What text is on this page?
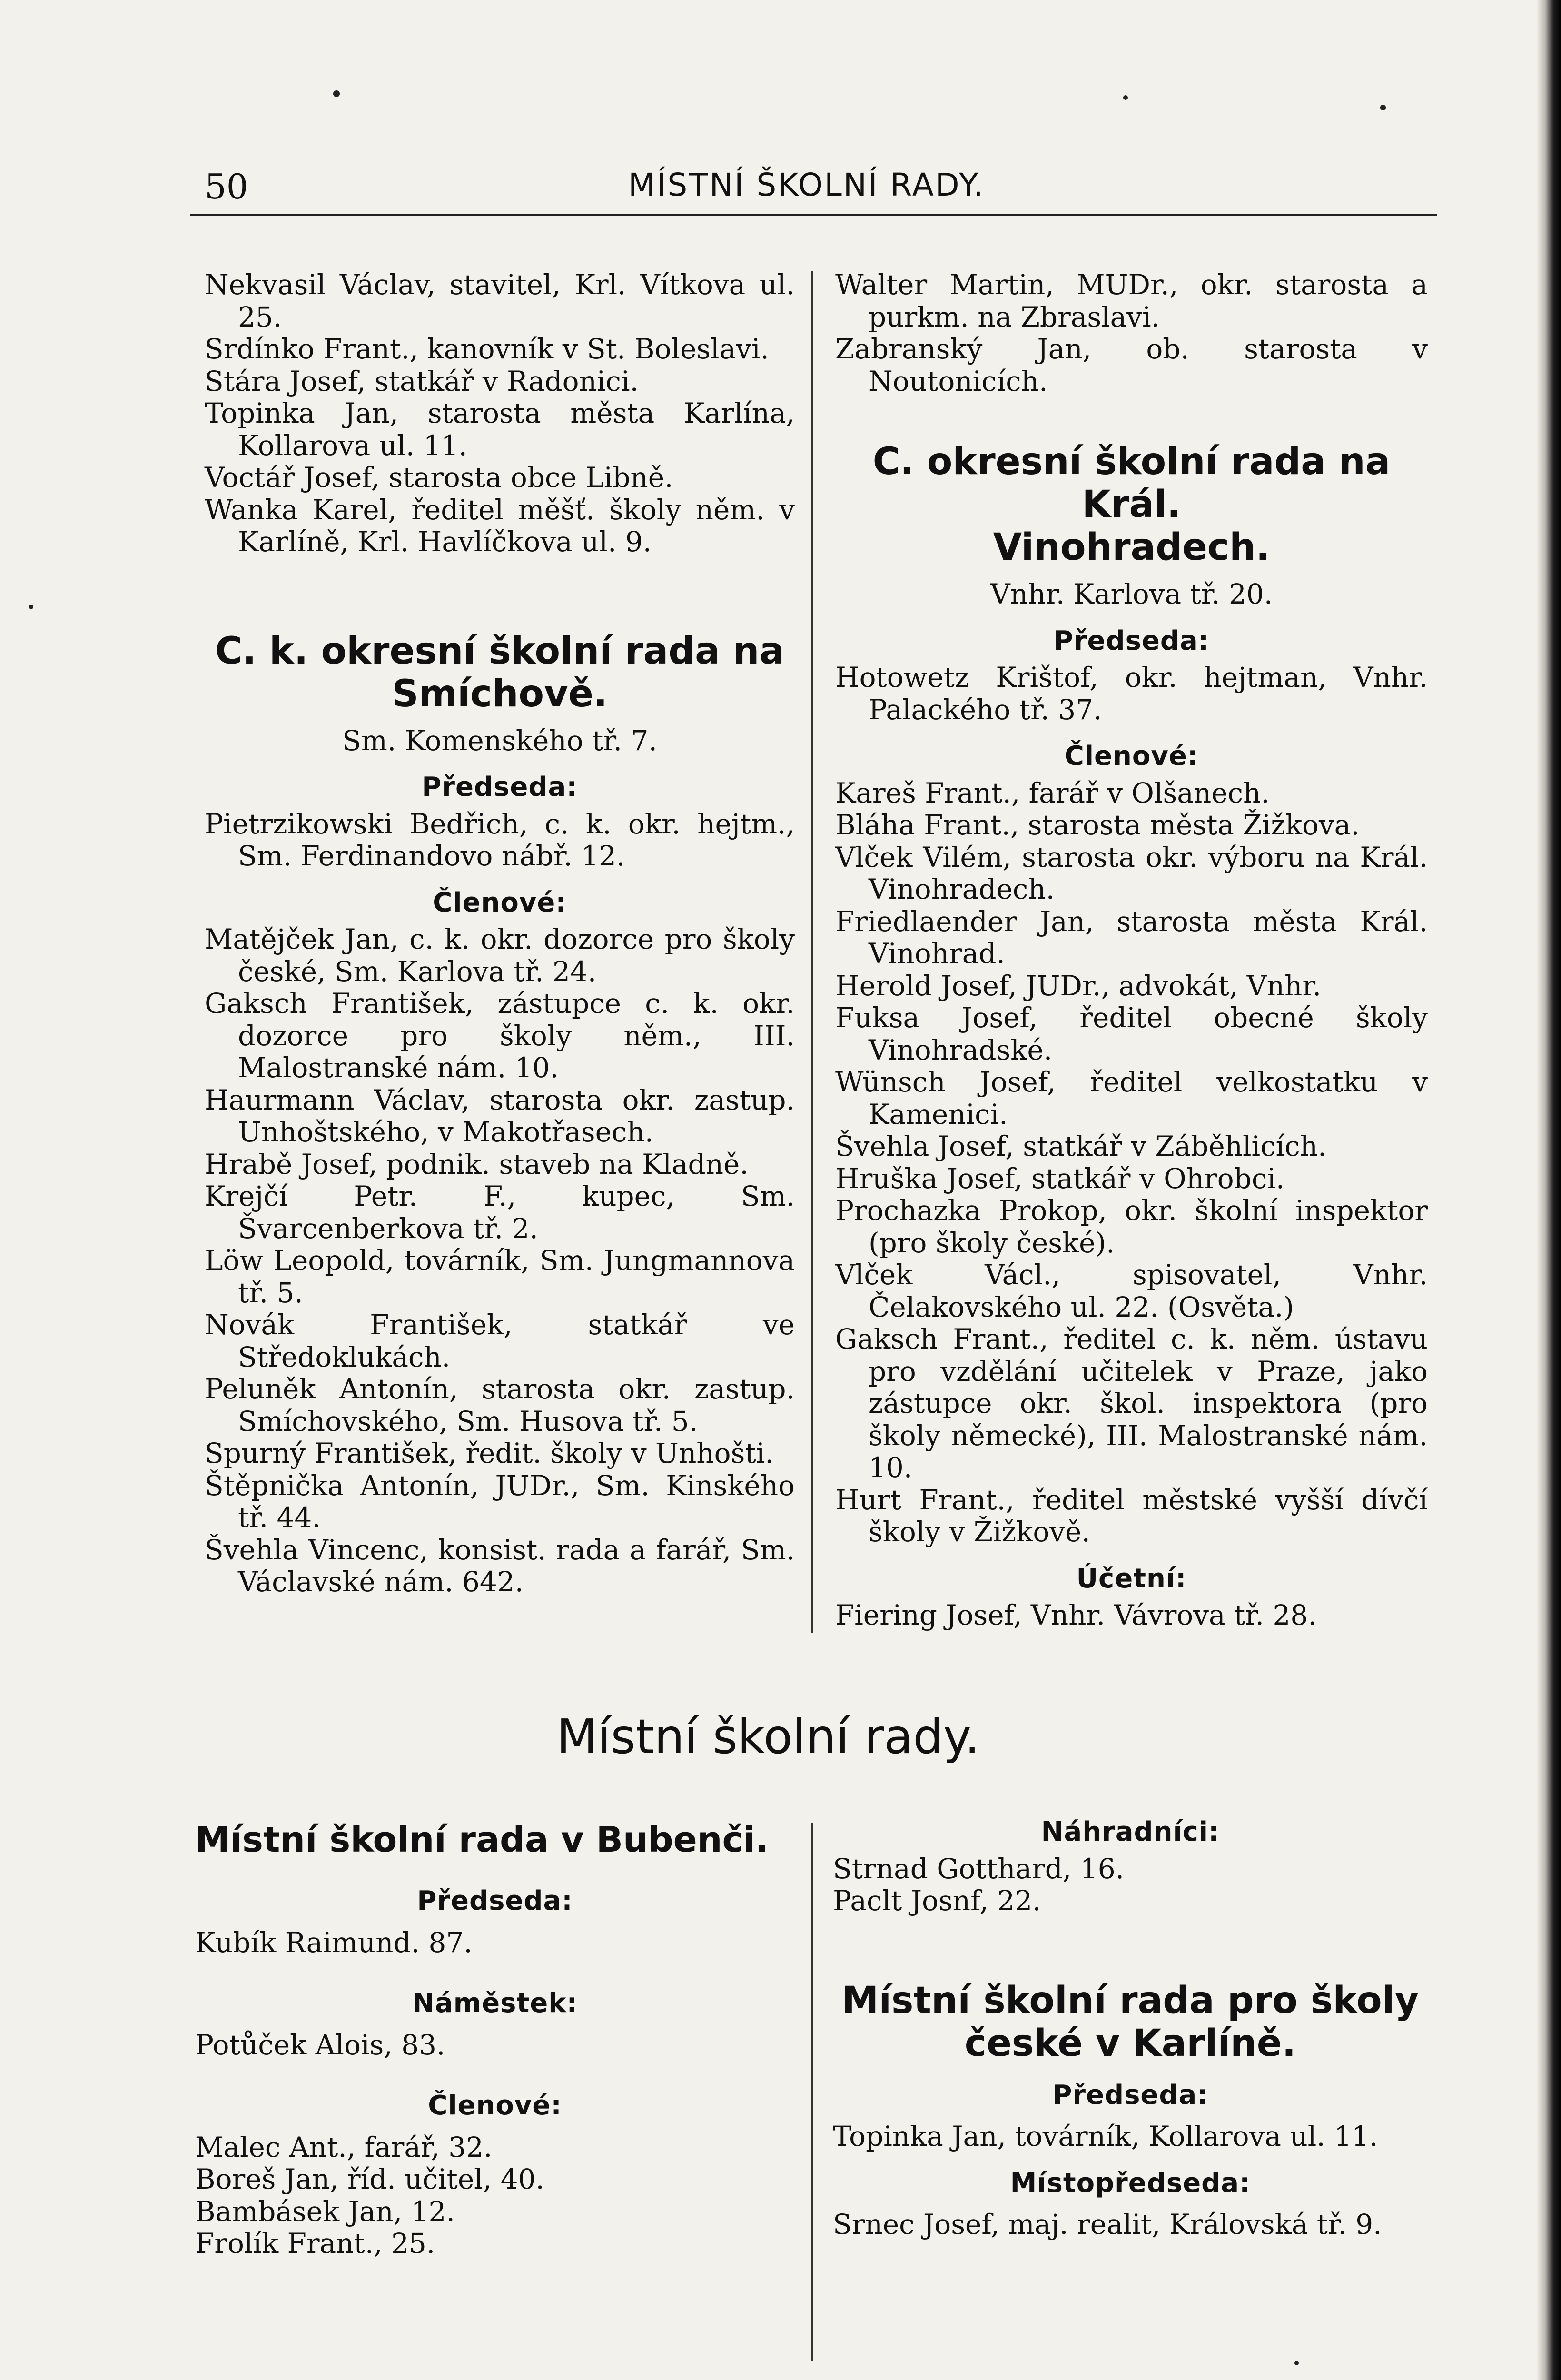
50	MÍSTNÍ ŠKOLNÍ RADY.
Nekvasil Václav, stavitel, Krl. Vítkova ul. 25.
Srdínko Frant., kanovník v St. Boleslavi.
Stára Josef, statkář v Radonici.
Topinka Jan, starosta města Karlína, Kollarova ul. 11.
Voctář Josef, starosta obce Libně.
Wanka Karel, ředitel měšť. školy něm. v Karlíně, Krl. Havlíčkova ul. 9.
C. k. okresní školní rada na
Smíchově.
Sm. Komenského tř. 7.
Předseda:
Pietrzikowski Bedřich, c. k. okr. hejtm., Sm. Ferdinandovo nábř. 12.
Členové:
Matějček Jan, c. k. okr. dozorce pro školy české, Sm. Karlova tř. 24.
Gaksch František, zástupce c. k. okr. dozorce pro školy něm., III. Malostranské nám. 10.
Haurmann Václav, starosta okr. zastup. Unhoštského, v Makotřasech.
Hrabě Josef, podnik. staveb na Kladně.
Krejčí Petr. F., kupec, Sm. Švarcenberkova tř. 2.
Löw Leopold, továrník, Sm. Jungmannova tř. 5.
Novák František, statkář ve Středoklukách.
Peluněk Antonín, starosta okr. zastup. Smíchovského, Sm. Husova tř. 5.
Spurný František, ředit. školy v Unhošti.
Štěpnička Antonín, JUDr., Sm. Kinského tř. 44.
Švehla Vincenc, konsist. rada a farář, Sm. Václavské nám. 642.
Walter Martin, MUDr., okr. starosta a purkm. na Zbraslavi.
Zabranský Jan, ob. starosta v Noutonicích.
C. okresní školní rada na Král.
Vinohradech.
Vnhr. Karlova tř. 20.
Předseda:
Hotowetz Krištof, okr. hejtman, Vnhr. Palackého tř. 37.
Členové:
Kareš Frant., farář v Olšanech.
Bláha Frant., starosta města Žižkova.
Vlček Vilém, starosta okr. výboru na Král. Vinohradech.
Friedlaender Jan, starosta města Král. Vinohrad.
Herold Josef, JUDr., advokát, Vnhr.
Fuksa Josef, ředitel obecné školy Vinohradské.
Wünsch Josef, ředitel velkostatku v Kamenici.
Švehla Josef, statkář v Záběhlicích.
Hruška Josef, statkář v Ohrobci.
Prochazka Prokop, okr. školní inspektor (pro školy české).
Vlček Václ., spisovatel, Vnhr. Čelakovského ul. 22. (Osvěta.)
Gaksch Frant., ředitel c. k. něm. ústavu pro vzdělání učitelek v Praze, jako zástupce okr. škol. inspektora (pro školy německé), III. Malostranské nám. 10.
Hurt Frant., ředitel městské vyšší dívčí školy v Žižkově.
Účetní:
Fiering Josef, Vnhr. Vávrova tř. 28.
Místní školní rady.
Místní školní rada v Bubenči.
Předseda:
Kubík Raimund. 87.
Náměstek:
Potůček Alois, 83.
Členové:
Malec Ant., farář, 32.
Boreš Jan, říd. učitel, 40.
Bambásek Jan, 12.
Frolík Frant., 25.
Náhradníci:
Strnad Gotthard, 16.
Paclt Josnf, 22.
Místní školní rada pro školy
české v Karlíně.
Předseda:
Topinka Jan, továrník, Kollarova ul. 11.
Místopředseda:
Srnec Josef, maj. realit, Královská tř. 9.
